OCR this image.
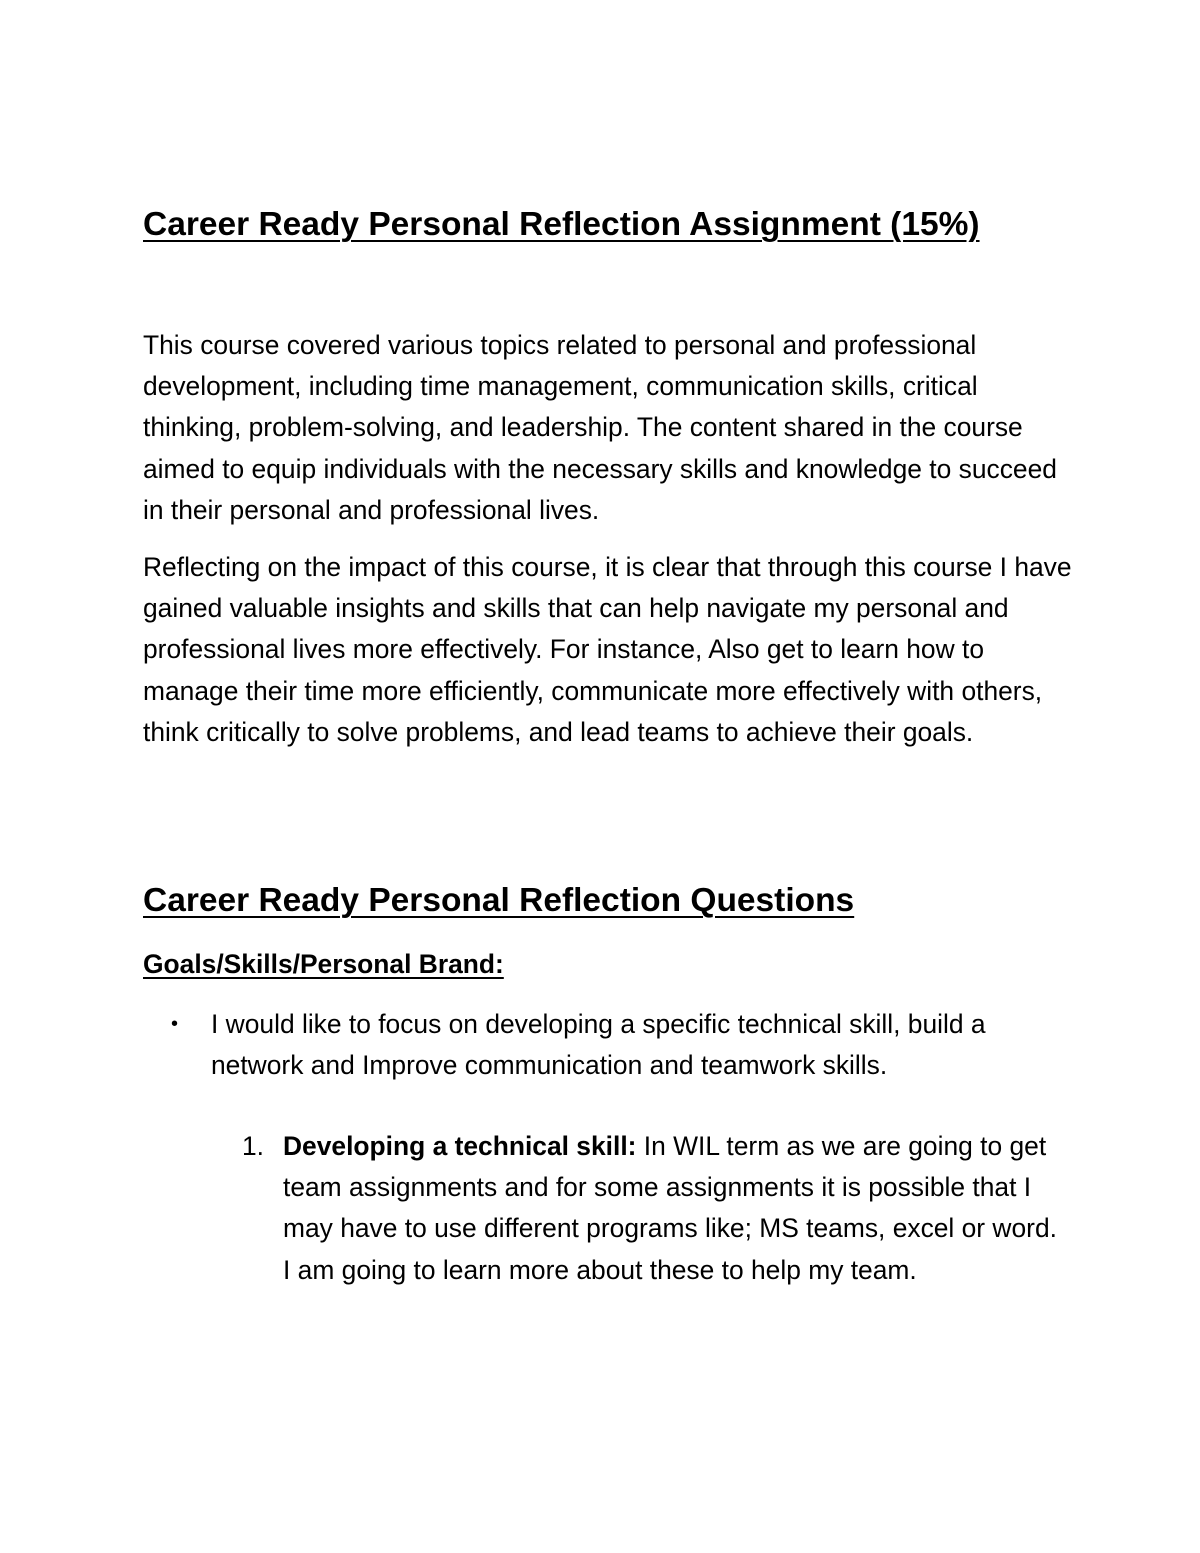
Career Ready Personal Reflection Assignment (15%)

This course covered various topics related to personal and professional development, including time management, communication skills, critical thinking, problem-solving, and leadership. The content shared in the course aimed to equip individuals with the necessary skills and knowledge to succeed in their personal and professional lives.

Reflecting on the impact of this course, it is clear that through this course I have gained valuable insights and skills that can help navigate my personal and professional lives more effectively. For instance, Also get to learn how to manage their time more efficiently, communicate more effectively with others, think critically to solve problems, and lead teams to achieve their goals.

Career Ready Personal Reflection Questions
Goals/Skills/Personal Brand:
•	I would like to focus on developing a specific technical skill, build a network and Improve communication and teamwork skills.
1. Developing a technical skill: In WIL term as we are going to get team assignments and for some assignments it is possible that I may have to use different programs like; MS teams, excel or word. I am going to learn more about these to help my team.
